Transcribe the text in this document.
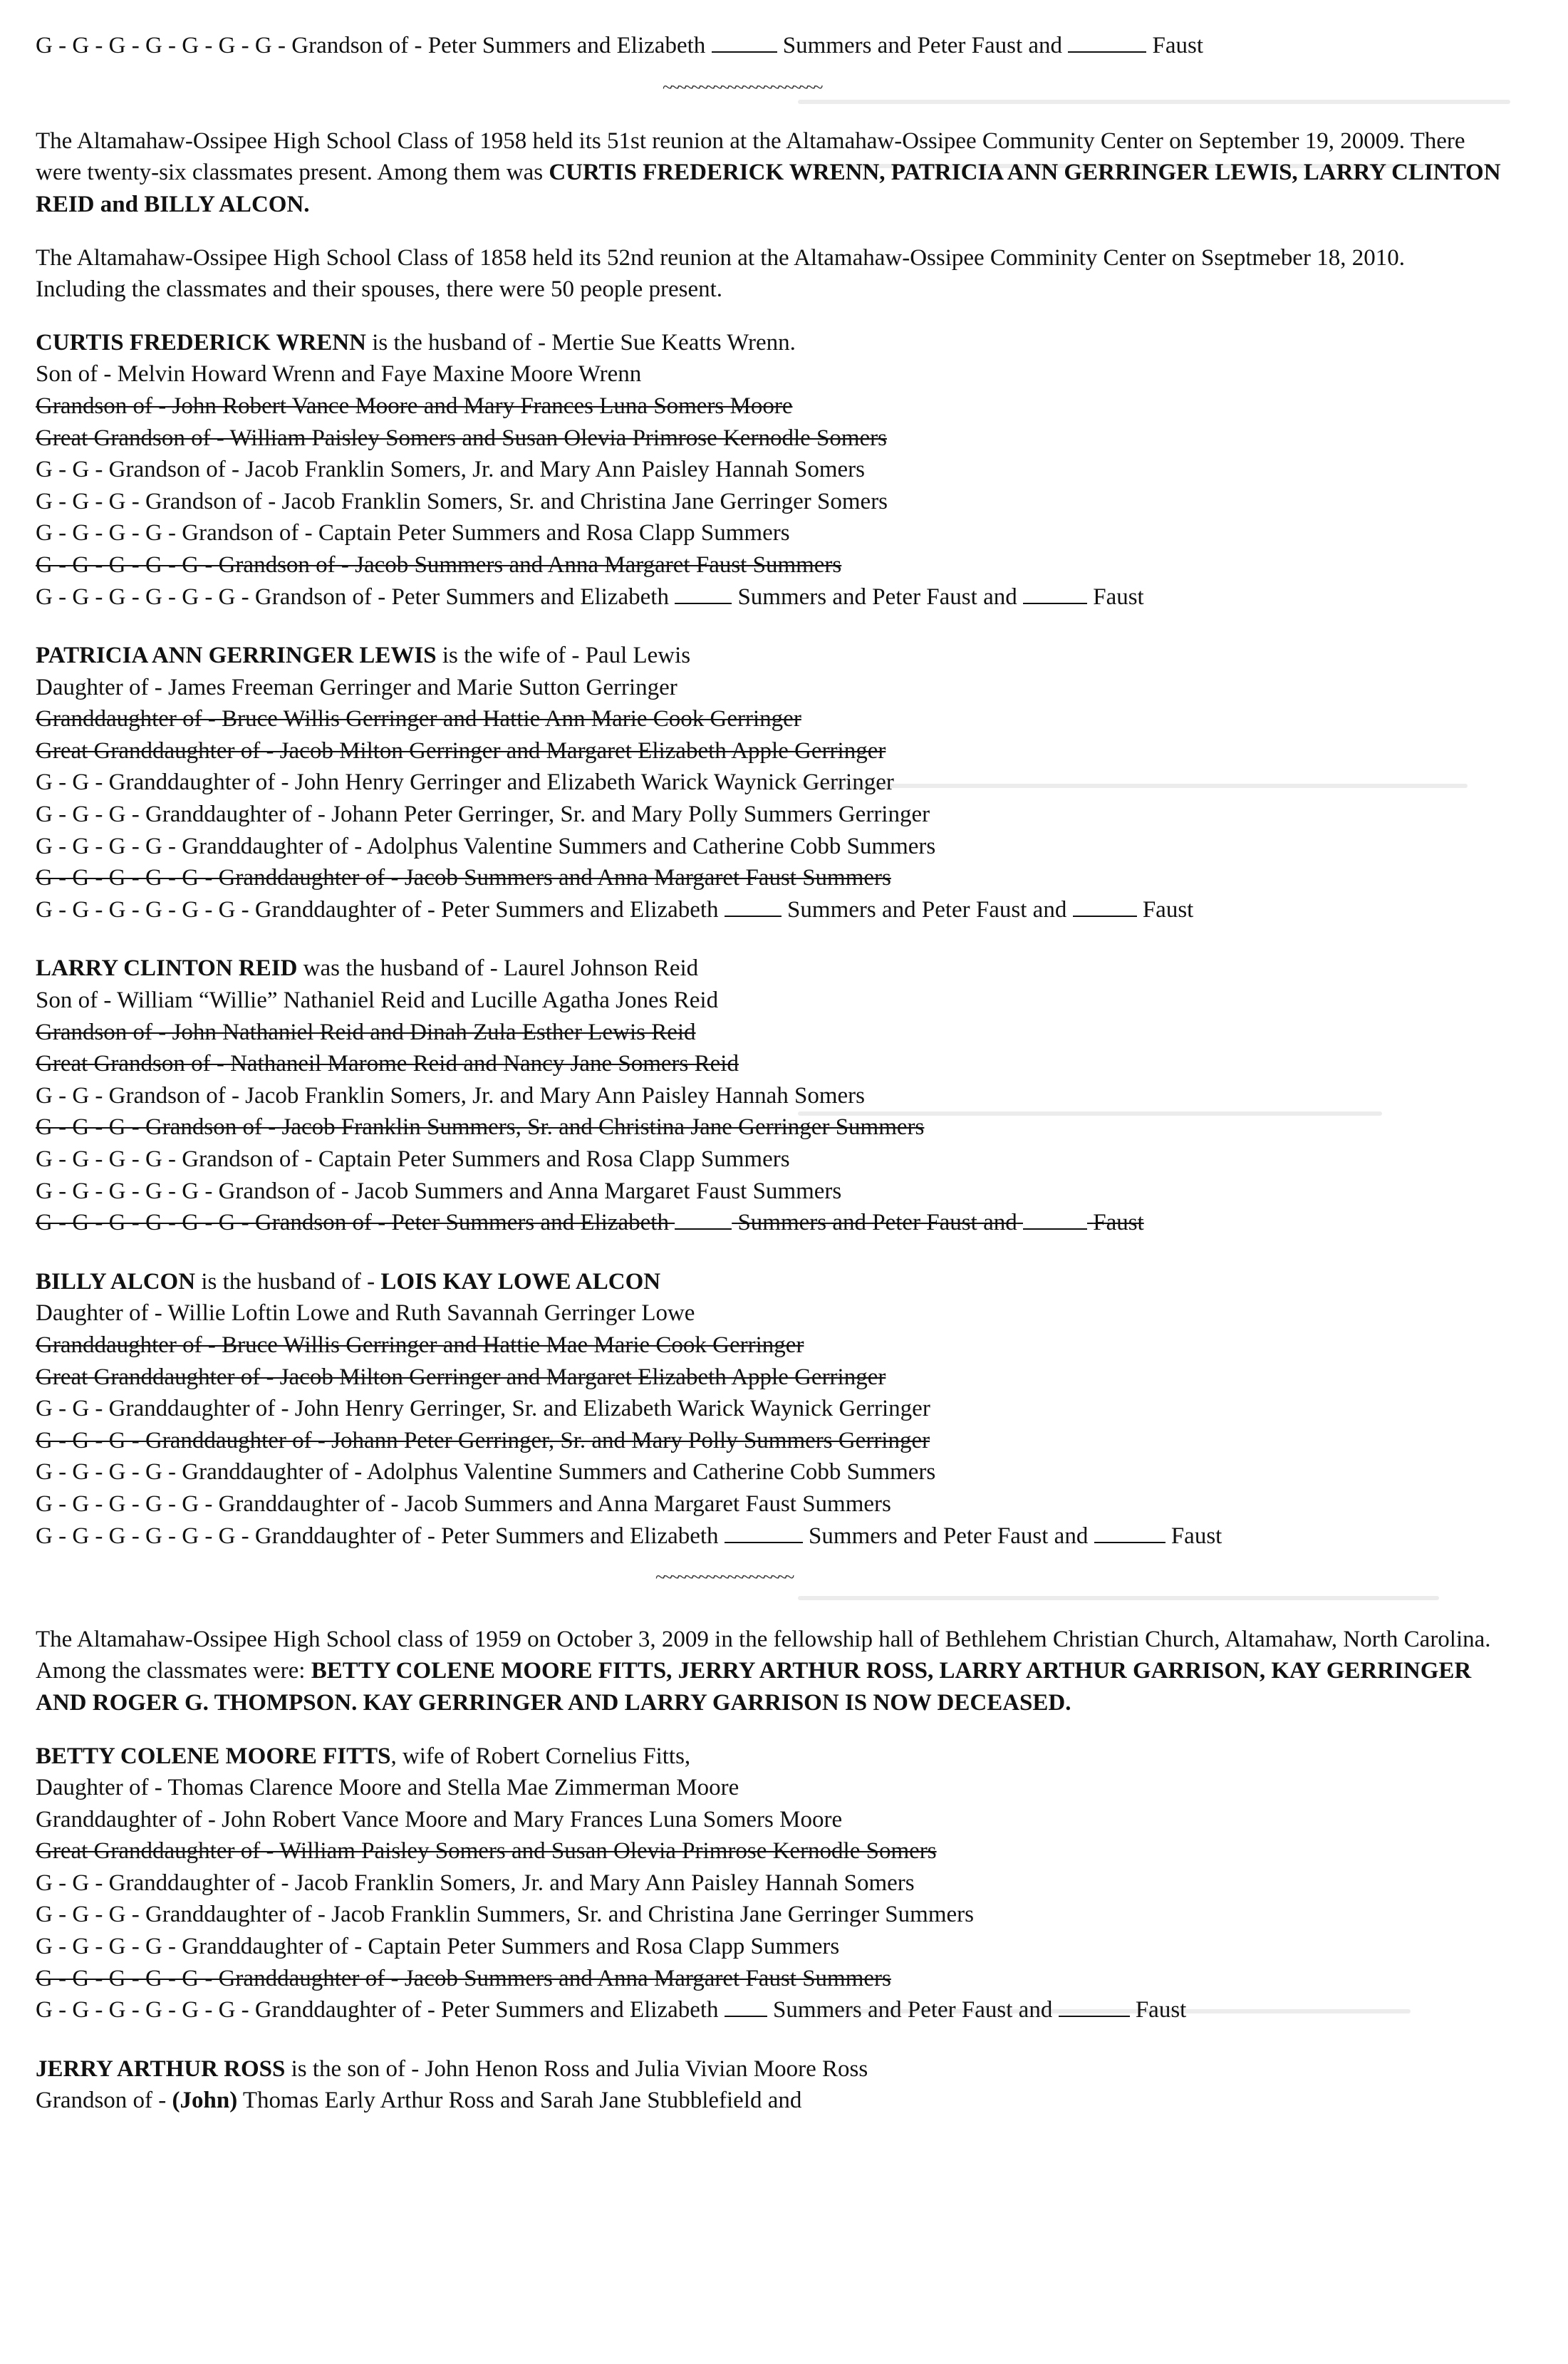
G - G - G - G - G - G - G - Grandson of - Peter Summers and Elizabeth	Summers and Peter Faust and	Faust
~~~~~~~~~~~~~~~~~~~~~~
The Altamahaw-Ossipee High School Class of 1958 held its 51st reunion at the Altamahaw-Ossipee Community Center on September 19, 20009. There were twenty-six classmates present. Among them was CURTIS FREDERICK WRENN, PATRICIA ANN GERRINGER LEWIS, LARRY CLINTON REID and BILLY ALCON.
The Altamahaw-Ossipee High School Class of 1858 held its 52nd reunion at the Altamahaw-Ossipee Comminity Center on Sseptmeber 18, 2010. Including the classmates and their spouses, there were 50 people present.
CURTIS FREDERICK WRENN is the husband of - Mertie Sue Keatts Wrenn.
Son of - Melvin Howard Wrenn and Faye Maxine Moore Wrenn
Grandson of - John Robert Vance Moore and Mary Frances Luna Somers Moore
Great Grandson of - William Paisley Somers and Susan Olevia Primrose Kernodle Somers
G - G - Grandson of - Jacob Franklin Somers, Jr. and Mary Ann Paisley Hannah Somers
G - G - G - Grandson of - Jacob Franklin Somers, Sr. and Christina Jane Gerringer Somers
G - G - G - G - Grandson of - Captain Peter Summers and Rosa Clapp Summers
G - G - G - G - G - Grandson of - Jacob Summers and Anna Margaret Faust Summers
G - G - G - G - G - G - Grandson of - Peter Summers and Elizabeth	Summers and Peter Faust and	Faust
PATRICIA ANN GERRINGER LEWIS is the wife of - Paul Lewis
Daughter of - James Freeman Gerringer and Marie Sutton Gerringer
Granddaughter of - Bruce Willis Gerringer and Hattie Ann Marie Cook Gerringer
Great Granddaughter of - Jacob Milton Gerringer and Margaret Elizabeth Apple Gerringer
G - G - Granddaughter of - John Henry Gerringer and Elizabeth Warick Waynick Gerringer
G - G - G - Granddaughter of - Johann Peter Gerringer, Sr. and Mary Polly Summers Gerringer
G - G - G - G - Granddaughter of - Adolphus Valentine Summers and Catherine Cobb Summers
G - G - G - G - G - Granddaughter of - Jacob Summers and Anna Margaret Faust Summers
G - G - G - G - G - G - Granddaughter of - Peter Summers and Elizabeth	Summers and Peter Faust and	Faust
LARRY CLINTON REID was the husband of - Laurel Johnson Reid
Son of - William “Willie” Nathaniel Reid and Lucille Agatha Jones Reid
Grandson of - John Nathaniel Reid and Dinah Zula Esther Lewis Reid
Great Grandson of - Nathaneil Marome Reid and Nancy Jane Somers Reid
G - G - Grandson of - Jacob Franklin Somers, Jr. and Mary Ann Paisley Hannah Somers
G - G - G - Grandson of - Jacob Franklin Summers, Sr. and Christina Jane Gerringer Summers
G - G - G - G - Grandson of - Captain Peter Summers and Rosa Clapp Summers
G - G - G - G - G - Grandson of - Jacob Summers and Anna Margaret Faust Summers
G - G - G - G - G - G - Grandson of - Peter Summers and Elizabeth	Summers and Peter Faust and	Faust
BILLY ALCON is the husband of - LOIS KAY LOWE ALCON
Daughter of - Willie Loftin Lowe and Ruth Savannah Gerringer Lowe
Granddaughter of - Bruce Willis Gerringer and Hattie Mae Marie Cook Gerringer
Great Granddaughter of - Jacob Milton Gerringer and Margaret Elizabeth Apple Gerringer
G - G - Granddaughter of - John Henry Gerringer, Sr. and Elizabeth Warick Waynick Gerringer
G - G - G - Granddaughter of - Johann Peter Gerringer, Sr. and Mary Polly Summers Gerringer
G - G - G - G - Granddaughter of - Adolphus Valentine Summers and Catherine Cobb Summers
G - G - G - G - G - Granddaughter of - Jacob Summers and Anna Margaret Faust Summers
G - G - G - G - G - G - Granddaughter of - Peter Summers and Elizabeth	Summers and Peter Faust and	Faust
~~~~~~~~~~~~~~~~~~~
The Altamahaw-Ossipee High School class of 1959 on October 3, 2009 in the fellowship hall of Bethlehem Christian Church, Altamahaw, North Carolina. Among the classmates were: BETTY COLENE MOORE FITTS, JERRY ARTHUR ROSS, LARRY ARTHUR GARRISON, KAY GERRINGER AND ROGER G. THOMPSON. KAY GERRINGER AND LARRY GARRISON IS NOW DECEASED.
BETTY COLENE MOORE FITTS, wife of Robert Cornelius Fitts,
Daughter of - Thomas Clarence Moore and Stella Mae Zimmerman Moore
Granddaughter of - John Robert Vance Moore and Mary Frances Luna Somers Moore
Great Granddaughter of - William Paisley Somers and Susan Olevia Primrose Kernodle Somers
G - G - Granddaughter of - Jacob Franklin Somers, Jr. and Mary Ann Paisley Hannah Somers
G - G - G - Granddaughter of - Jacob Franklin Summers, Sr. and Christina Jane Gerringer Summers
G - G - G - G - Granddaughter of - Captain Peter Summers and Rosa Clapp Summers
G - G - G - G - G - Granddaughter of - Jacob Summers and Anna Margaret Faust Summers
G - G - G - G - G - G - Granddaughter of - Peter Summers and Elizabeth Summers and Peter Faust and	Faust
JERRY ARTHUR ROSS is the son of - John Henon Ross and Julia Vivian Moore Ross
Grandson of - (John) Thomas Early Arthur Ross and Sarah Jane Stubblefield and
